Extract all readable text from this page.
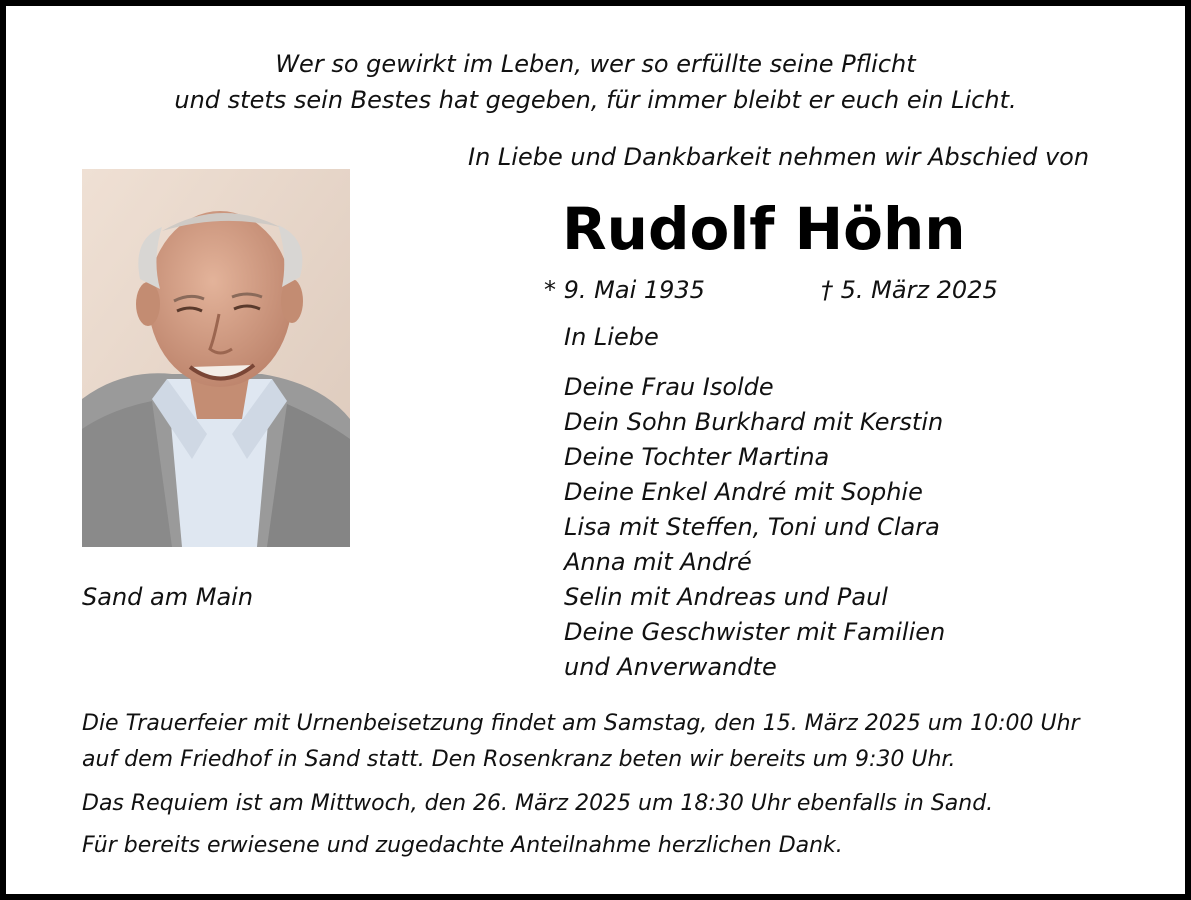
Wer so gewirkt im Leben, wer so erfüllte seine Pflicht
und stets sein Bestes hat gegeben, für immer bleibt er euch ein Licht.
In Liebe und Dankbarkeit nehmen wir Abschied von
Rudolf Höhn
* 9. Mai 1935	† 5. März 2025
In Liebe
Deine Frau Isolde
Dein Sohn Burkhard mit Kerstin
Deine Tochter Martina
Deine Enkel André mit Sophie
Lisa mit Steffen, Toni und Clara
Anna mit André
Selin mit Andreas und Paul
Deine Geschwister mit Familien
und Anverwandte
Sand am Main
Die Trauerfeier mit Urnenbeisetzung findet am Samstag, den 15. März 2025 um 10:00 Uhr
auf dem Friedhof in Sand statt. Den Rosenkranz beten wir bereits um 9:30 Uhr.
Das Requiem ist am Mittwoch, den 26. März 2025 um 18:30 Uhr ebenfalls in Sand.
Für bereits erwiesene und zugedachte Anteilnahme herzlichen Dank.
